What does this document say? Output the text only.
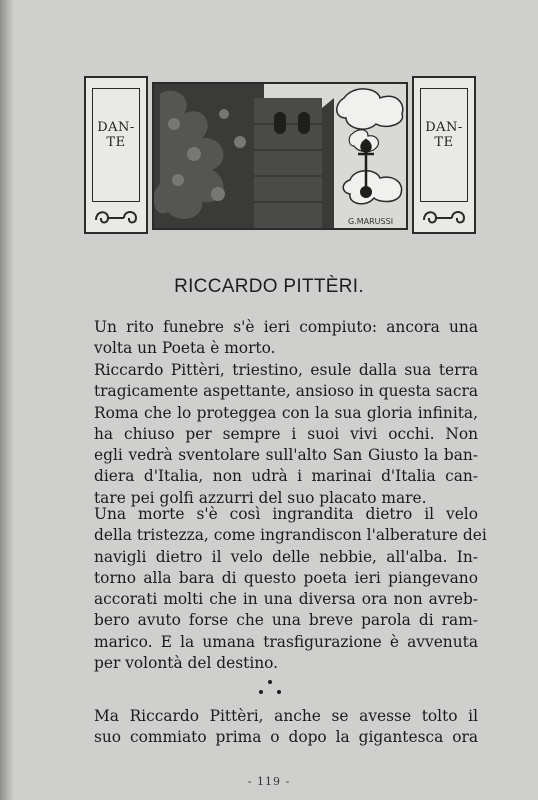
DAN-
TE
G.MARUSSI
DAN-
TE
RICCARDO PITTÈRI.
Un rito funebre s'è ieri compiuto: ancora una
volta un Poeta è morto.
Riccardo Pittèri, triestino, esule dalla sua terra
tragicamente aspettante, ansioso in questa sacra
Roma che lo proteggea con la sua gloria infinita,
ha chiuso per sempre i suoi vivi occhi. Non
egli vedrà sventolare sull'alto San Giusto la ban-
diera d'Italia, non udrà i marinai d'Italia can-
tare pei golfi azzurri del suo placato mare.
Una morte s'è così ingrandita dietro il velo
della tristezza, come ingrandiscon l'alberature dei
navigli dietro il velo delle nebbie, all'alba. In-
torno alla bara di questo poeta ieri piangevano
accorati molti che in una diversa ora non avreb-
bero avuto forse che una breve parola di ram-
marico. E la umana trasfigurazione è avvenuta
per volontà del destino.
Ma Riccardo Pittèri, anche se avesse tolto il
suo commiato prima o dopo la gigantesca ora
- 119 -
